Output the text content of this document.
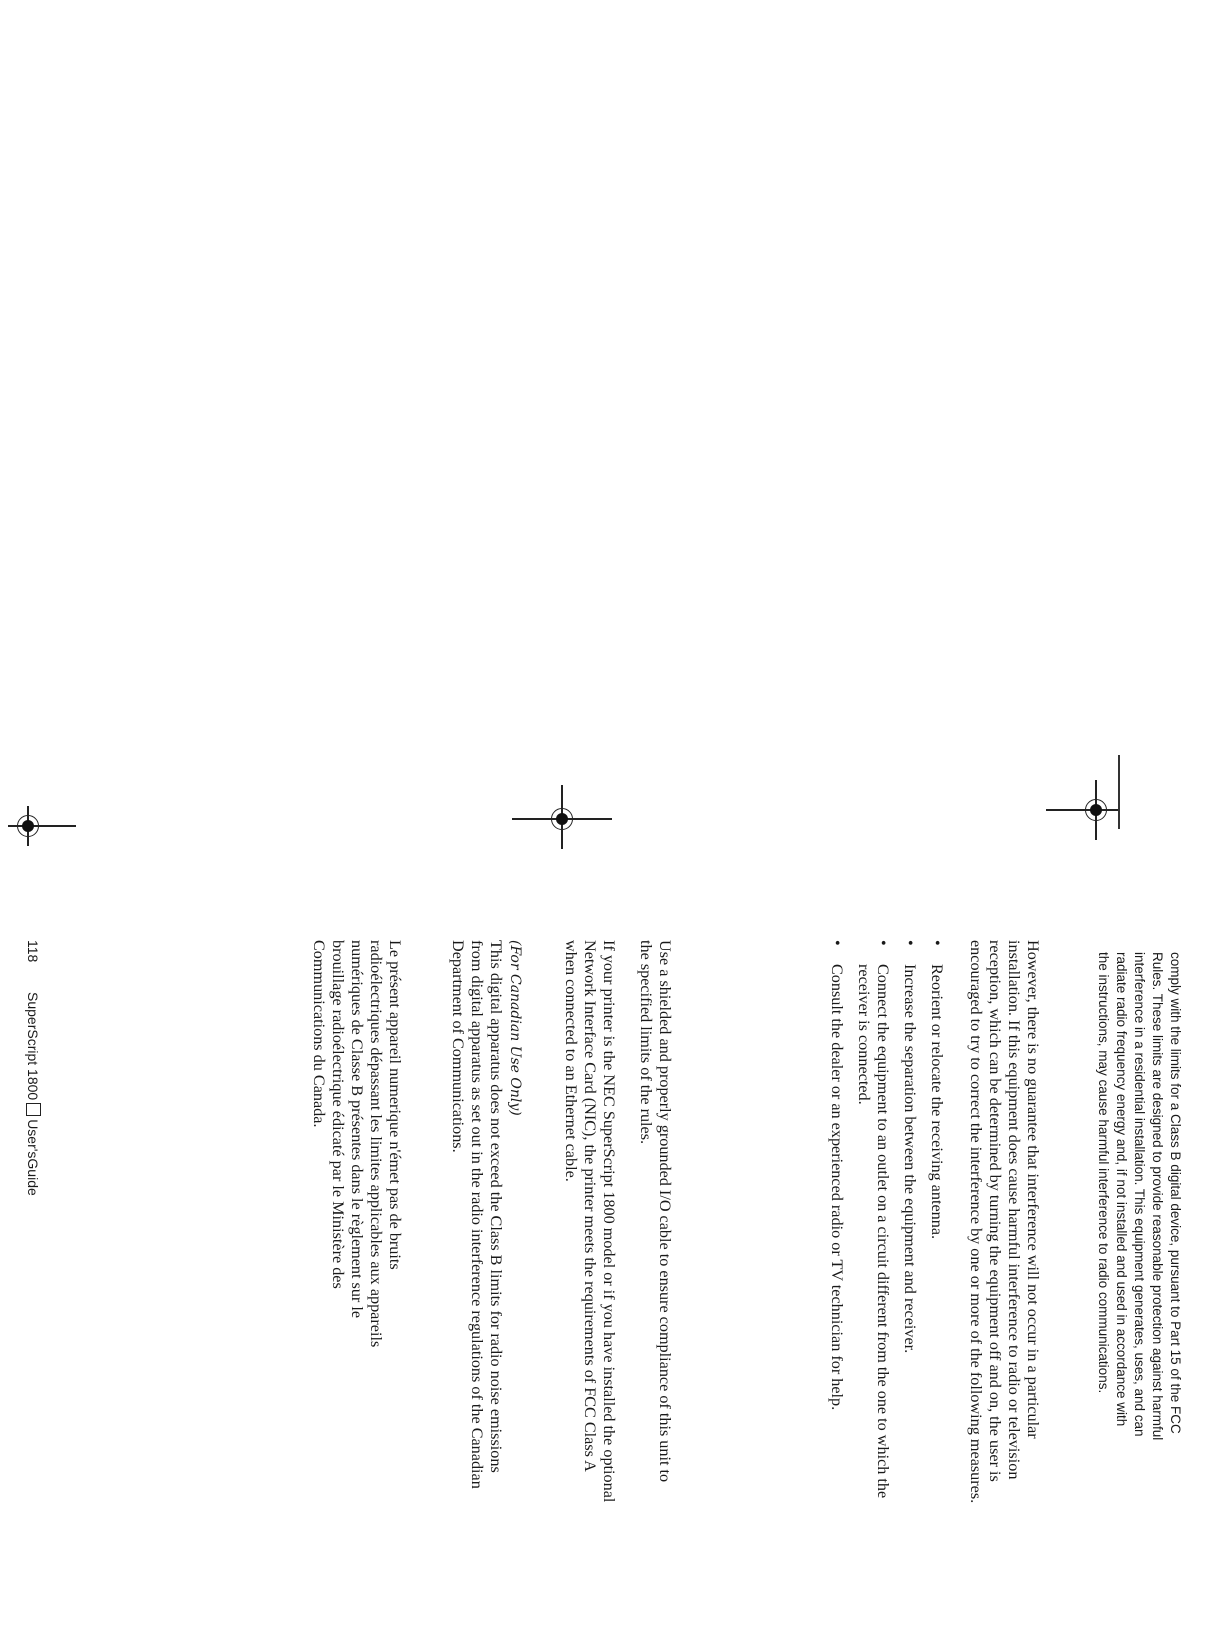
comply with the limits for a Class B digital device, pursuant to Part 15 of the FCC Rules. These limits are designed to provide reasonable protection against harmful interference in a residential installation. This equipment generates, uses, and can radiate radio frequency energy and, if not installed and used in accordance with the instructions, may cause harmful interference to radio communications.

However, there is no guarantee that interference will not occur in a particular installation. If this equipment does cause harmful interference to radio or television reception, which can be determined by turning the equipment off and on, the user is encouraged to try to correct the interference by one or more of the following measures.

•
Reorient or relocate the receiving antenna.
•
Increase the separation between the equipment and receiver.
•
Connect the equipment to an outlet on a circuit different from the one to which the receiver is connected.
•
Consult the dealer or an experienced radio or TV technician for help.

Use a shielded and properly grounded I/O cable to ensure compliance of this unit to the specified limits of the rules.

If your printer is the NEC SuperScript 1800 model or if you have installed the optional Network Interface Card (NIC), the printer meets the requirements of FCC Class A when connected to an Ethernet cable.

(For Canadian Use Only)

This digital apparatus does not exceed the Class B limits for radio noise emissions from digital apparatus as set out in the radio interference regulations of the Canadian Department of Communications.

Le présent appareil numerique n'émet pas de bruits radioélectriques dépassant les limites applicables aux appareils numériques de Classe B présentes dans le règlement sur le brouillage radioélectrique édicaté par le Ministère des Communications du Canada.

118SuperScript 1800User'sGuide
